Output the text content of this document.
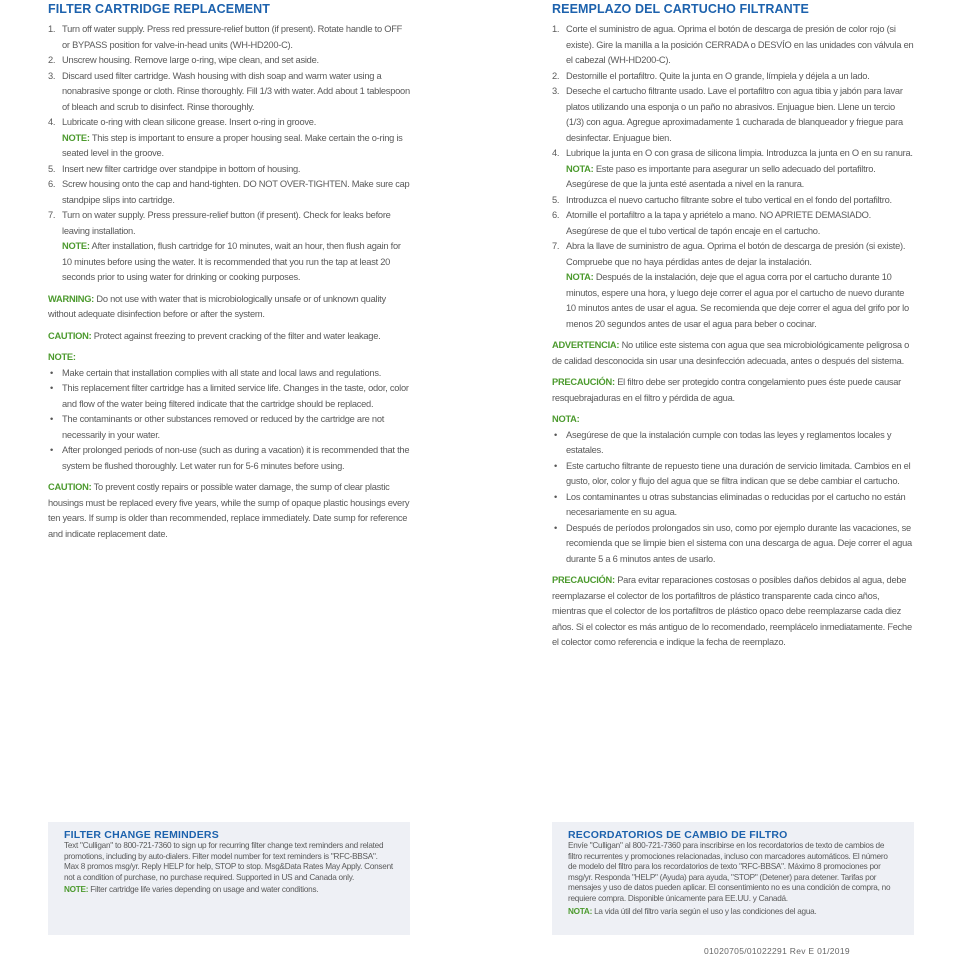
FILTER CARTRIDGE REPLACEMENT
1. Turn off water supply. Press red pressure-relief button (if present). Rotate handle to OFF or BYPASS position for valve-in-head units (WH-HD200-C).
2. Unscrew housing. Remove large o-ring, wipe clean, and set aside.
3. Discard used filter cartridge. Wash housing with dish soap and warm water using a nonabrasive sponge or cloth. Rinse thoroughly. Fill 1/3 with water. Add about 1 tablespoon of bleach and scrub to disinfect. Rinse thoroughly.
4. Lubricate o-ring with clean silicone grease. Insert o-ring in groove.
NOTE: This step is important to ensure a proper housing seal. Make certain the o-ring is seated level in the groove.
5. Insert new filter cartridge over standpipe in bottom of housing.
6. Screw housing onto the cap and hand-tighten. DO NOT OVER-TIGHTEN. Make sure cap standpipe slips into cartridge.
7. Turn on water supply. Press pressure-relief button (if present). Check for leaks before leaving installation.
NOTE: After installation, flush cartridge for 10 minutes, wait an hour, then flush again for 10 minutes before using the water. It is recommended that you run the tap at least 20 seconds prior to using water for drinking or cooking purposes.
WARNING: Do not use with water that is microbiologically unsafe or of unknown quality without adequate disinfection before or after the system.
CAUTION: Protect against freezing to prevent cracking of the filter and water leakage.
NOTE:
• Make certain that installation complies with all state and local laws and regulations.
• This replacement filter cartridge has a limited service life. Changes in the taste, odor, color and flow of the water being filtered indicate that the cartridge should be replaced.
• The contaminants or other substances removed or reduced by the cartridge are not necessarily in your water.
• After prolonged periods of non-use (such as during a vacation) it is recommended that the system be flushed thoroughly. Let water run for 5-6 minutes before using.
CAUTION: To prevent costly repairs or possible water damage, the sump of clear plastic housings must be replaced every five years, while the sump of opaque plastic housings every ten years. If sump is older than recommended, replace immediately. Date sump for reference and indicate replacement date.
REEMPLAZO DEL CARTUCHO FILTRANTE
1. Corte el suministro de agua. Oprima el botón de descarga de presión de color rojo (si existe). Gire la manilla a la posición CERRADA o DESVÍO en las unidades con válvula en el cabezal (WH-HD200-C).
2. Destornille el portafiltro. Quite la junta en O grande, límpiela y déjela a un lado.
3. Deseche el cartucho filtrante usado. Lave el portafiltro con agua tibia y jabón para lavar platos utilizando una esponja o un paño no abrasivos. Enjuague bien. Llene un tercio (1/3) con agua. Agregue aproximadamente 1 cucharada de blanqueador y friegue para desinfectar. Enjuague bien.
4. Lubrique la junta en O con grasa de silicona limpia. Introduzca la junta en O en su ranura.
NOTA: Este paso es importante para asegurar un sello adecuado del portafiltro. Asegúrese de que la junta esté asentada a nivel en la ranura.
5. Introduzca el nuevo cartucho filtrante sobre el tubo vertical en el fondo del portafiltro.
6. Atornille el portafiltro a la tapa y apriételo a mano. NO APRIETE DEMASIADO. Asegúrese de que el tubo vertical de tapón encaje en el cartucho.
7. Abra la llave de suministro de agua. Oprima el botón de descarga de presión (si existe). Compruebe que no haya pérdidas antes de dejar la instalación.
NOTA: Después de la instalación, deje que el agua corra por el cartucho durante 10 minutos, espere una hora, y luego deje correr el agua por el cartucho de nuevo durante 10 minutos antes de usar el agua. Se recomienda que deje correr el agua del grifo por lo menos 20 segundos antes de usar el agua para beber o cocinar.
ADVERTENCIA: No utilice este sistema con agua que sea microbiológicamente peligrosa o de calidad desconocida sin usar una desinfección adecuada, antes o después del sistema.
PRECAUCIÓN: El filtro debe ser protegido contra congelamiento pues éste puede causar resquebrajaduras en el filtro y pérdida de agua.
NOTA:
• Asegúrese de que la instalación cumple con todas las leyes y reglamentos locales y estatales.
• Este cartucho filtrante de repuesto tiene una duración de servicio limitada. Cambios en el gusto, olor, color y flujo del agua que se filtra indican que se debe cambiar el cartucho.
• Los contaminantes u otras substancias eliminadas o reducidas por el cartucho no están necesariamente en su agua.
• Después de períodos prolongados sin uso, como por ejemplo durante las vacaciones, se recomienda que se limpie bien el sistema con una descarga de agua. Deje correr el agua durante 5 a 6 minutos antes de usarlo.
PRECAUCIÓN: Para evitar reparaciones costosas o posibles daños debidos al agua, debe reemplazarse el colector de los portafiltros de plástico transparente cada cinco años, mientras que el colector de los portafiltros de plástico opaco debe reemplazarse cada diez años. Si el colector es más antiguo de lo recomendado, reemplácelo inmediatamente. Feche el colector como referencia e indique la fecha de reemplazo.
FILTER CHANGE REMINDERS
Text "Culligan" to 800-721-7360 to sign up for recurring filter change text reminders and related promotions, including by auto-dialers. Filter model number for text reminders is "RFC-BBSA". Max 8 promos msg/yr. Reply HELP for help, STOP to stop. Msg&Data Rates May Apply. Consent not a condition of purchase, no purchase required. Supported in US and Canada only.
NOTE: Filter cartridge life varies depending on usage and water conditions.
RECORDATORIOS DE CAMBIO DE FILTRO
Envíe "Culligan" al 800-721-7360 para inscribirse en los recordatorios de texto de cambios de filtro recurrentes y promociones relacionadas, incluso con marcadores automáticos. El número de modelo del filtro para los recordatorios de texto "RFC-BBSA". Máximo 8 promociones por msg/yr. Responda "HELP" (Ayuda) para ayuda, "STOP" (Detener) para detener. Tarifas por mensajes y uso de datos pueden aplicar. El consentimiento no es una condición de compra, no requiere compra. Disponible únicamente para EE.UU. y Canadá.
NOTA: La vida útil del filtro varía según el uso y las condiciones del agua.
01020705/01022291 Rev E 01/2019
